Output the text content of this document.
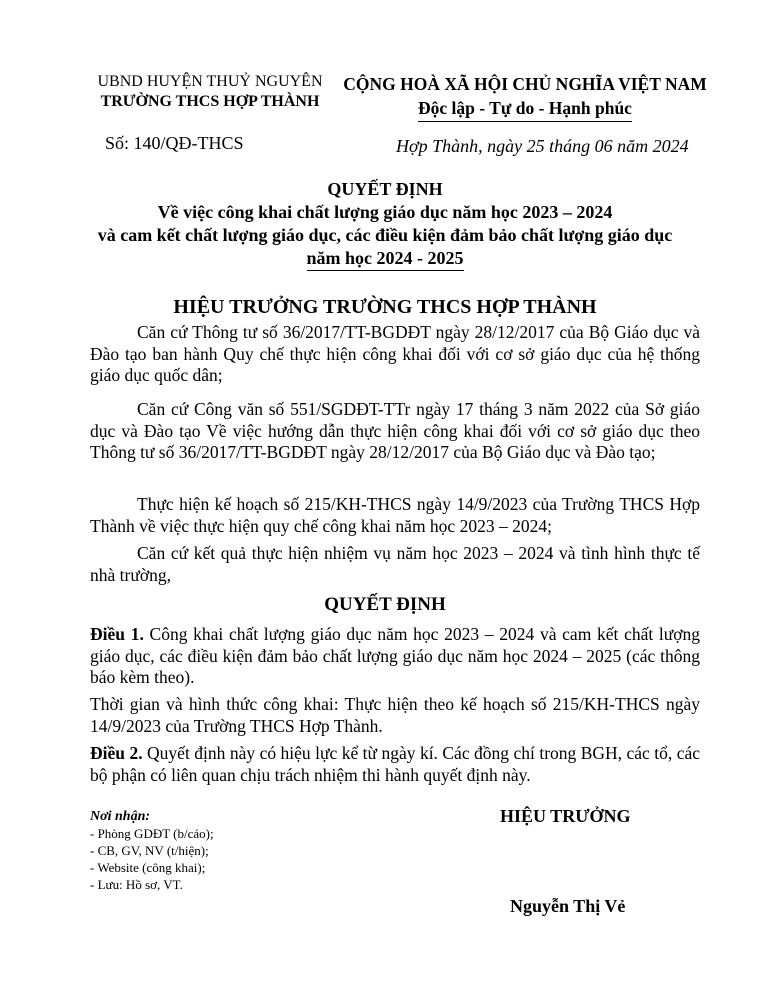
UBND HUYỆN THUỶ NGUYÊN
TRƯỜNG THCS HỢP THÀNH
CỘNG HOÀ XÃ HỘI CHỦ NGHĨA VIỆT NAM
Độc lập - Tự do - Hạnh phúc
Số: 140/QĐ-THCS	Hợp Thành, ngày 25 tháng 06 năm 2024
QUYẾT ĐỊNH
Về việc công khai chất lượng giáo dục năm học 2023 – 2024
và cam kết chất lượng giáo dục, các điều kiện đảm bảo chất lượng giáo dục
năm học 2024 - 2025
HIỆU TRƯỞNG TRƯỜNG THCS HỢP THÀNH
Căn cứ Thông tư số 36/2017/TT-BGDĐT ngày 28/12/2017 của Bộ Giáo dục và Đào tạo ban hành Quy chế thực hiện công khai đối với cơ sở giáo dục của hệ thống giáo dục quốc dân;
Căn cứ Công văn số 551/SGDĐT-TTr ngày 17 tháng 3 năm 2022 của Sở giáo dục và Đào tạo Về việc hướng dẫn thực hiện công khai đối với cơ sở giáo dục theo Thông tư số 36/2017/TT-BGDĐT ngày 28/12/2017 của Bộ Giáo dục và Đào tạo;
Thực hiện kế hoạch số 215/KH-THCS ngày 14/9/2023 của Trường THCS Hợp Thành về việc thực hiện quy chế công khai năm học 2023 – 2024;
Căn cứ kết quả thực hiện nhiệm vụ năm học 2023 – 2024 và tình hình thực tế nhà trường,
QUYẾT ĐỊNH
Điều 1. Công khai chất lượng giáo dục năm học 2023 – 2024 và cam kết chất lượng giáo dục, các điều kiện đảm bảo chất lượng giáo dục năm học 2024 – 2025 (các thông báo kèm theo).
Thời gian và hình thức công khai: Thực hiện theo kế hoạch số 215/KH-THCS ngày 14/9/2023 của Trường THCS Hợp Thành.
Điều 2. Quyết định này có hiệu lực kể từ ngày kí. Các đồng chí trong BGH, các tổ, các bộ phận có liên quan chịu trách nhiệm thi hành quyết định này.
Nơi nhận:
- Phòng GDĐT (b/cáo);
- CB, GV, NV (t/hiện);
- Website (công khai);
- Lưu: Hồ sơ, VT.
HIỆU TRƯỞNG
Nguyễn Thị Vẻ
